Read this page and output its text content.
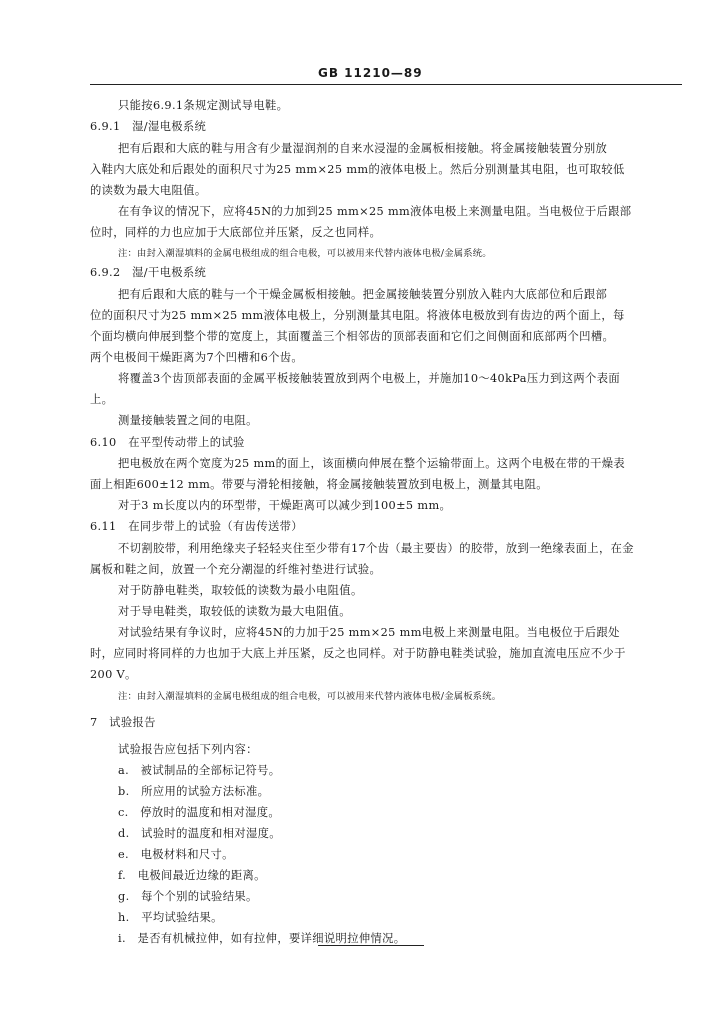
GB 11210—89
只能按6.9.1条规定测试导电鞋。
6.9.1　湿/湿电极系统
把有后跟和大底的鞋与用含有少量湿润剂的自来水浸湿的金属板相接触。将金属接触装置分别放
入鞋内大底处和后跟处的面积尺寸为25 mm×25 mm的液体电极上。然后分别测量其电阻，也可取较低
的读数为最大电阻值。
在有争议的情况下，应将45N的力加到25 mm×25 mm液体电极上来测量电阻。当电极位于后跟部
位时，同样的力也应加于大底部位并压紧，反之也同样。
注：由封入潮湿填料的金属电极组成的组合电极，可以被用来代替内液体电极/金属系统。
6.9.2　湿/干电极系统
把有后跟和大底的鞋与一个干燥金属板相接触。把金属接触装置分别放入鞋内大底部位和后跟部
位的面积尺寸为25 mm×25 mm液体电极上，分别测量其电阻。将液体电极放到有齿边的两个面上，每
个面均横向伸展到整个带的宽度上，其面覆盖三个相邻齿的顶部表面和它们之间侧面和底部两个凹槽。
两个电极间干燥距离为7个凹槽和6个齿。
将覆盖3个齿顶部表面的金属平板接触装置放到两个电极上，并施加10～40kPa压力到这两个表面
上。
测量接触装置之间的电阻。
6.10　在平型传动带上的试验
把电极放在两个宽度为25 mm的面上，该面横向伸展在整个运输带面上。这两个电极在带的干燥表
面上相距600±12 mm。带要与滑轮相接触，将金属接触装置放到电极上，测量其电阻。
对于3 m长度以内的环型带，干燥距离可以减少到100±5 mm。
6.11　在同步带上的试验（有齿传送带）
不切割胶带，利用绝缘夹子轻轻夹住至少带有17个齿（最主要齿）的胶带，放到一绝缘表面上，在金
属板和鞋之间，放置一个充分潮湿的纤维衬垫进行试验。
对于防静电鞋类，取较低的读数为最小电阻值。
对于导电鞋类，取较低的读数为最大电阻值。
对试验结果有争议时，应将45N的力加于25 mm×25 mm电极上来测量电阻。当电极位于后跟处
时，应同时将同样的力也加于大底上并压紧，反之也同样。对于防静电鞋类试验，施加直流电压应不少于
200 V。
注：由封入潮湿填料的金属电极组成的组合电极，可以被用来代替内液体电极/金属板系统。
7　试验报告
试验报告应包括下列内容：
a.　被试制品的全部标记符号。
b.　所应用的试验方法标准。
c.　停放时的温度和相对湿度。
d.　试验时的温度和相对湿度。
e.　电极材料和尺寸。
f.　电极间最近边缘的距离。
g.　每个个别的试验结果。
h.　平均试验结果。
i.　是否有机械拉伸，如有拉伸，要详细说明拉伸情况。
